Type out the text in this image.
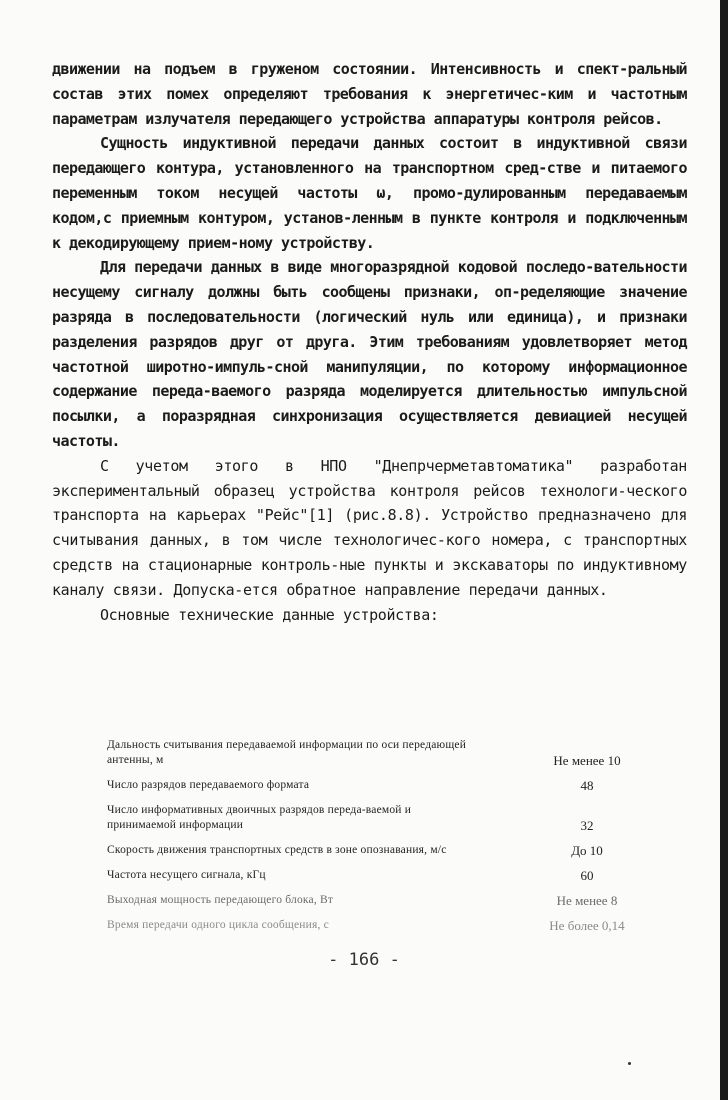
движении на подъем в груженом состоянии. Интенсивность и спект-ральный состав этих помех определяют требования к энергетичес-ким и частотным параметрам излучателя передающего устройства аппаратуры контроля рейсов.

Сущность индуктивной передачи данных состоит в индуктивной связи передающего контура, установленного на транспортном сред-стве и питаемого переменным током несущей частоты ω, промо-дулированным передаваемым кодом,с приемным контуром, установ-ленным в пункте контроля и подключенным к декодирующему прием-ному устройству.

Для передачи данных в виде многоразрядной кодовой последо-вательности несущему сигналу должны быть сообщены признаки, оп-ределяющие значение разряда в последовательности (логический нуль или единица), и признаки разделения разрядов друг от друга. Этим требованиям удовлетворяет метод частотной широтно-импуль-сной манипуляции, по которому информационное содержание переда-ваемого разряда моделируется длительностью импульсной посылки, а поразрядная синхронизация осуществляется девиацией несущей частоты.

С учетом этого в НПО "Днепрчерметавтоматика" разработан экспериментальный образец устройства контроля рейсов технологи-ческого транспорта на карьерах "Рейс"[1] (рис.8.8). Устройство предназначено для считывания данных, в том числе технологичес-кого номера, с транспортных средств на стационарные контроль-ные пункты и экскаваторы по индуктивному каналу связи. Допуска-ется обратное направление передачи данных.

Основные технические данные устройства:

Дальность считывания передаваемой информации по оси передающей антенны, м	Не менее 10
Число разрядов передаваемого формата	48
Число информативных двоичных разрядов переда-ваемой и принимаемой информации	32
Скорость движения транспортных средств в зоне опознавания, м/с	До 10
Частота несущего сигнала, кГц	60
Выходная мощность передающего блока, Вт	Не менее 8
Время передачи одного цикла сообщения, с	Не более 0,14
- 166 -
